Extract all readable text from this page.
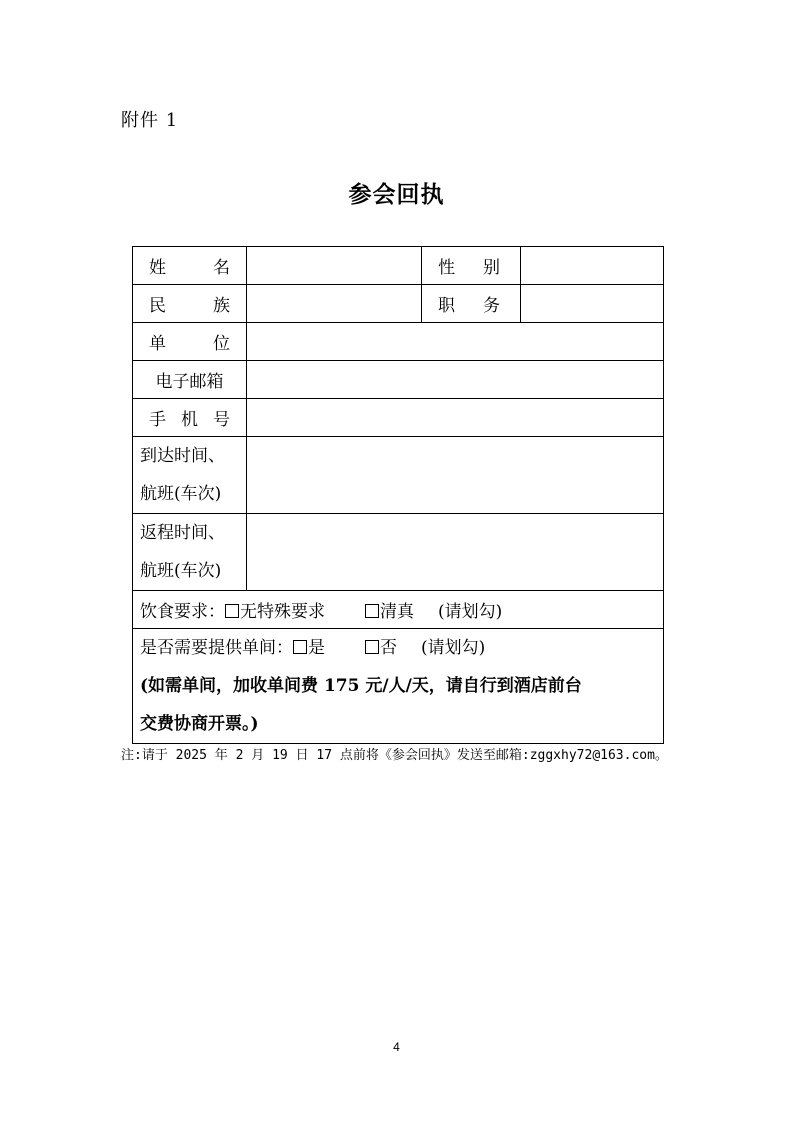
附件 1
参会回执
姓名		性别	
民族		职务	
单位			
电子邮箱			
手机号			

到达时间、
航班(车次)			

返程时间、
航班(车次)			

饮食要求： 无特殊要求 清真 (请划勾)			

是否需要提供单间： 是 否 (请划勾)
(如需单间，加收单间费 175 元/人/天，请自行到酒店前台
交费协商开票。)			
注:请于 2025 年 2 月 19 日 17 点前将《参会回执》发送至邮箱:zggxhy72@163.com。
4
